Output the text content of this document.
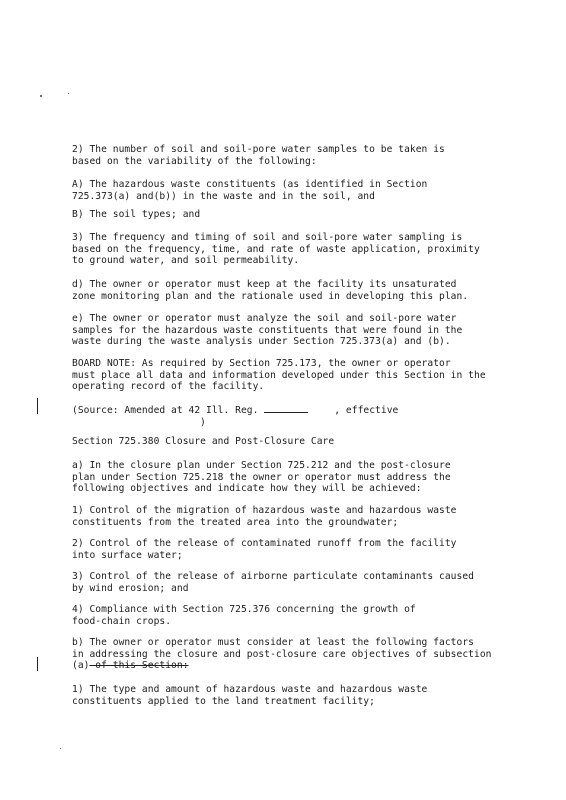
2) The number of soil and soil-pore water samples to be taken is
based on the variability of the following:
A) The hazardous waste constituents (as identified in Section
725.373(a) and(b)) in the waste and in the soil, and
B) The soil types; and
3) The frequency and timing of soil and soil-pore water sampling is
based on the frequency, time, and rate of waste application, proximity
to ground water, and soil permeability.
d) The owner or operator must keep at the facility its unsaturated
zone monitoring plan and the rationale used in developing this plan.
e) The owner or operator must analyze the soil and soil-pore water
samples for the hazardous waste constituents that were found in the
waste during the waste analysis under Section 725.373(a) and (b).
BOARD NOTE: As required by Section 725.173, the owner or operator
must place all data and information developed under this Section in the
operating record of the facility.
(Source: Amended at 42 Ill. Reg.	, effective
)
Section 725.380 Closure and Post-Closure Care
a) In the closure plan under Section 725.212 and the post-closure
plan under Section 725.218 the owner or operator must address the
following objectives and indicate how they will be achieved:
1) Control of the migration of hazardous waste and hazardous waste
constituents from the treated area into the groundwater;
2) Control of the release of contaminated runoff from the facility
into surface water;
3) Control of the release of airborne particulate contaminants caused
by wind erosion; and
4) Compliance with Section 725.376 concerning the growth of
food-chain crops.
b) The owner or operator must consider at least the following factors
in addressing the closure and post-closure care objectives of subsection
(a) of this Section:
1) The type and amount of hazardous waste and hazardous waste
constituents applied to the land treatment facility;
